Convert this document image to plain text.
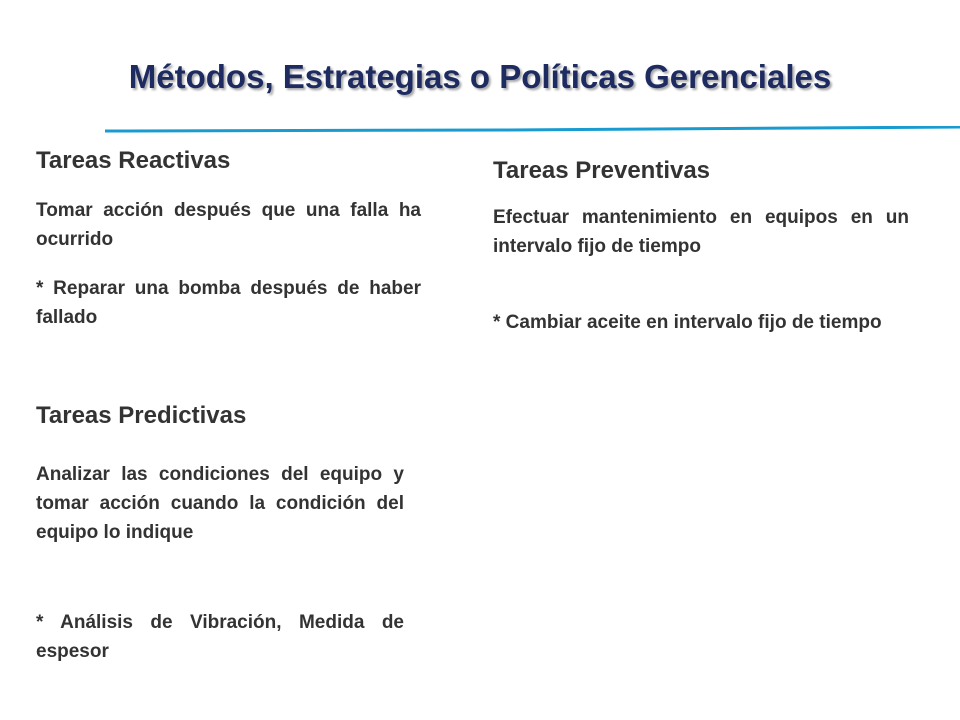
Métodos, Estrategias o Políticas Gerenciales
Tareas Reactivas
Tomar acción después que una falla ha ocurrido
* Reparar una bomba después de haber fallado
Tareas Preventivas
Efectuar mantenimiento en equipos en un intervalo fijo de tiempo
* Cambiar aceite en intervalo fijo de tiempo
Tareas Predictivas
Analizar las condiciones del equipo y tomar acción cuando la condición del equipo lo indique
* Análisis de Vibración, Medida de espesor
